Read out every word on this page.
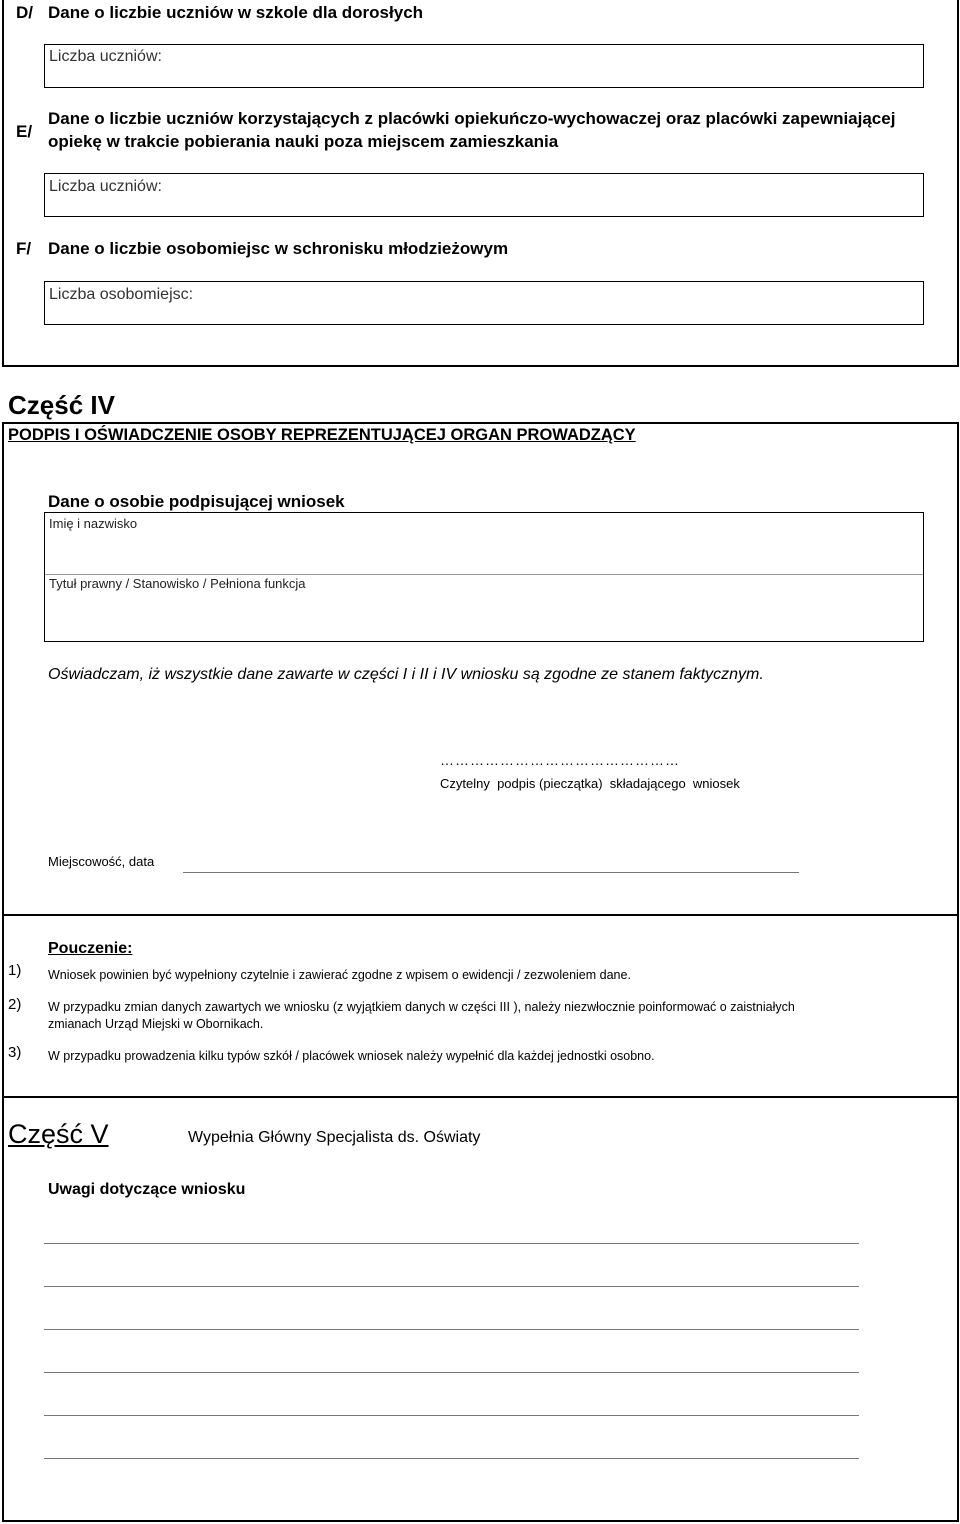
D/ Dane o liczbie uczniów w szkole dla dorosłych
Liczba uczniów:
E/
Dane o liczbie uczniów korzystających z placówki opiekuńczo-wychowaczej oraz placówki zapewniającej
opiekę w trakcie pobierania nauki poza miejscem zamieszkania
Liczba uczniów:
F/ Dane o liczbie osobomiejsc w schronisku młodzieżowym
Liczba osobomiejsc:
Część IV
PODPIS I OŚWIADCZENIE OSOBY REPREZENTUJĄCEJ ORGAN PROWADZĄCY
Dane o osobie podpisującej wniosek
Imię i nazwisko
Tytuł prawny / Stanowisko / Pełniona funkcja
Oświadczam, iż wszystkie dane zawarte w części I i II i IV wniosku są zgodne ze stanem faktycznym.
…………………………………………
Czytelny  podpis (pieczątka)  składającego  wniosek
Miejscowość, data
Pouczenie:
1) Wniosek powinien być wypełniony czytelnie i zawierać zgodne z wpisem o ewidencji / zezwoleniem dane.
2) W przypadku zmian danych zawartych we wniosku (z wyjątkiem danych w części III ), należy niezwłocznie poinformować o zaistniałych
zmianach Urząd Miejski w Obornikach.
3) W przypadku prowadzenia kilku typów szkół / placówek wniosek należy wypełnić dla każdej jednostki osobno.
Część V	Wypełnia Główny Specjalista ds. Oświaty
Uwagi dotyczące wniosku
